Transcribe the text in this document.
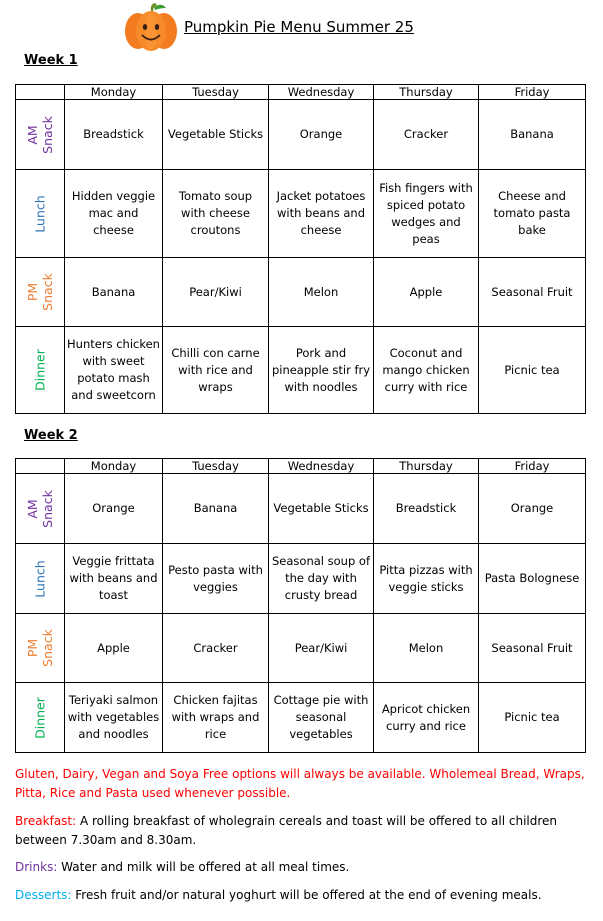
Pumpkin Pie Menu Summer 25
Week 1
	Monday	Tuesday	Wednesday	Thursday	Friday

AM Snack	Breadstick	Vegetable Sticks	Orange	Cracker	Banana

Lunch	Hidden veggie mac and cheese	Tomato soup with cheese croutons	Jacket potatoes with beans and cheese	Fish fingers with spiced potato wedges and peas	Cheese and tomato pasta bake

PM Snack	Banana	Pear/Kiwi	Melon	Apple	Seasonal Fruit

Dinner	Hunters chicken with sweet potato mash and sweetcorn	Chilli con carne with rice and wraps	Pork and pineapple stir fry with noodles	Coconut and mango chicken curry with rice	Picnic tea
Week 2
	Monday	Tuesday	Wednesday	Thursday	Friday

AM Snack	Orange	Banana	Vegetable Sticks	Breadstick	Orange

Lunch	Veggie frittata with beans and toast	Pesto pasta with veggies	Seasonal soup of the day with crusty bread	Pitta pizzas with veggie sticks	Pasta Bolognese

PM Snack	Apple	Cracker	Pear/Kiwi	Melon	Seasonal Fruit

Dinner	Teriyaki salmon with vegetables and noodles	Chicken fajitas with wraps and rice	Cottage pie with seasonal vegetables	Apricot chicken curry and rice	Picnic tea
Gluten, Dairy, Vegan and Soya Free options will always be available. Wholemeal Bread, Wraps, Pitta, Rice and Pasta used whenever possible.
Breakfast: A rolling breakfast of wholegrain cereals and toast will be offered to all children between 7.30am and 8.30am.
Drinks: Water and milk will be offered at all meal times.
Desserts: Fresh fruit and/or natural yoghurt will be offered at the end of evening meals.
